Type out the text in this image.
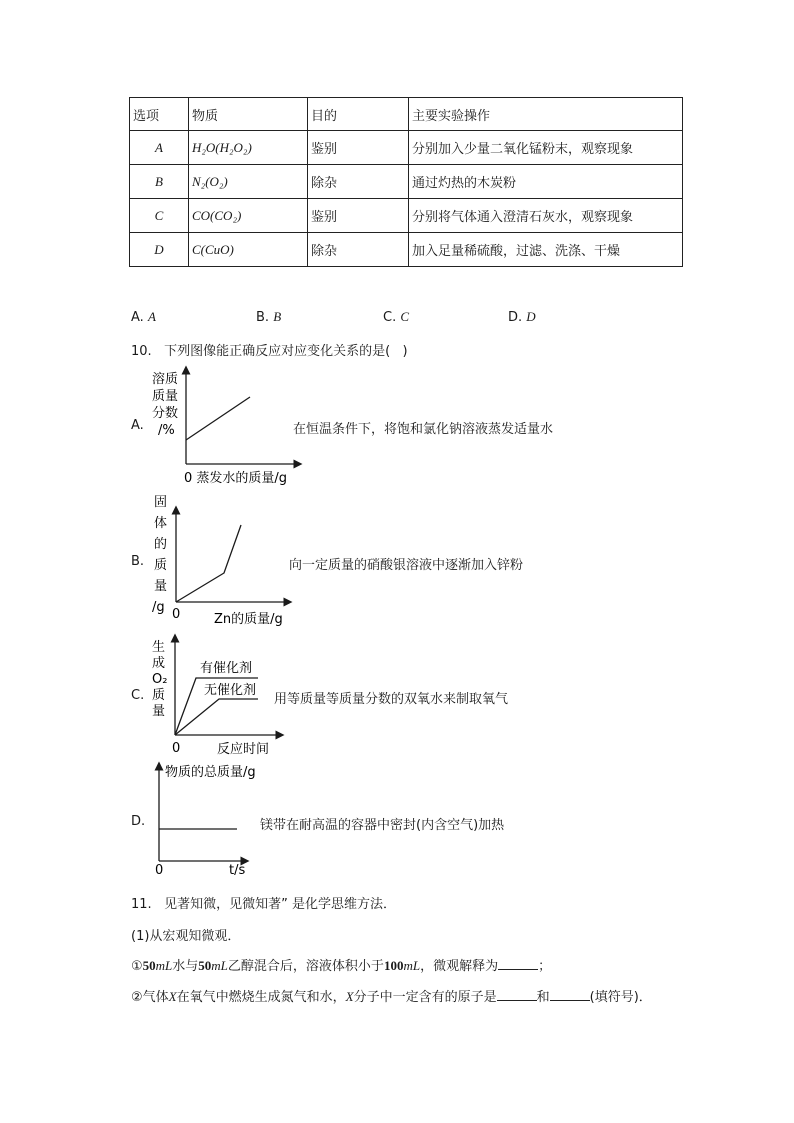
选项	物质	目的	主要实验操作
A	H₂O(H₂O₂)	鉴别	分别加入少量二氧化锰粉末，观察现象
B	N₂(O₂)	除杂	通过灼热的木炭粉
C	CO(CO₂)	鉴别	分别将气体通入澄清石灰水，观察现象
D	C(CuO)	除杂	加入足量稀硫酸，过滤、洗涤、干燥
A. A	B. B	C. C	D. D
10.   下列图像能正确反应对应变化关系的是(   )
A.
溶质质量分数/%
0 蒸发水的质量/g
在恒温条件下，将饱和氯化钠溶液蒸发适量水
B.
固体的质量/g 0	Zn的质量/g
向一定质量的硝酸银溶液中逐渐加入锌粉
C.
生成 O₂ 质量
有催化剂
无催化剂
0	反应时间
用等质量等质量分数的双氧水来制取氧气
D.
物质的总质量/g
0	t/s
镁带在耐高温的容器中密封(内含空气)加热
11.   见著知微，见微知著” 是化学思维方法．
(1)从宏观知微观．
①50mL水与50mL乙醇混合后，溶液体积小于100mL，微观解释为	；
②气体X在氧气中燃烧生成氮气和水，X分子中一定含有的原子是	和	(填符号)．
